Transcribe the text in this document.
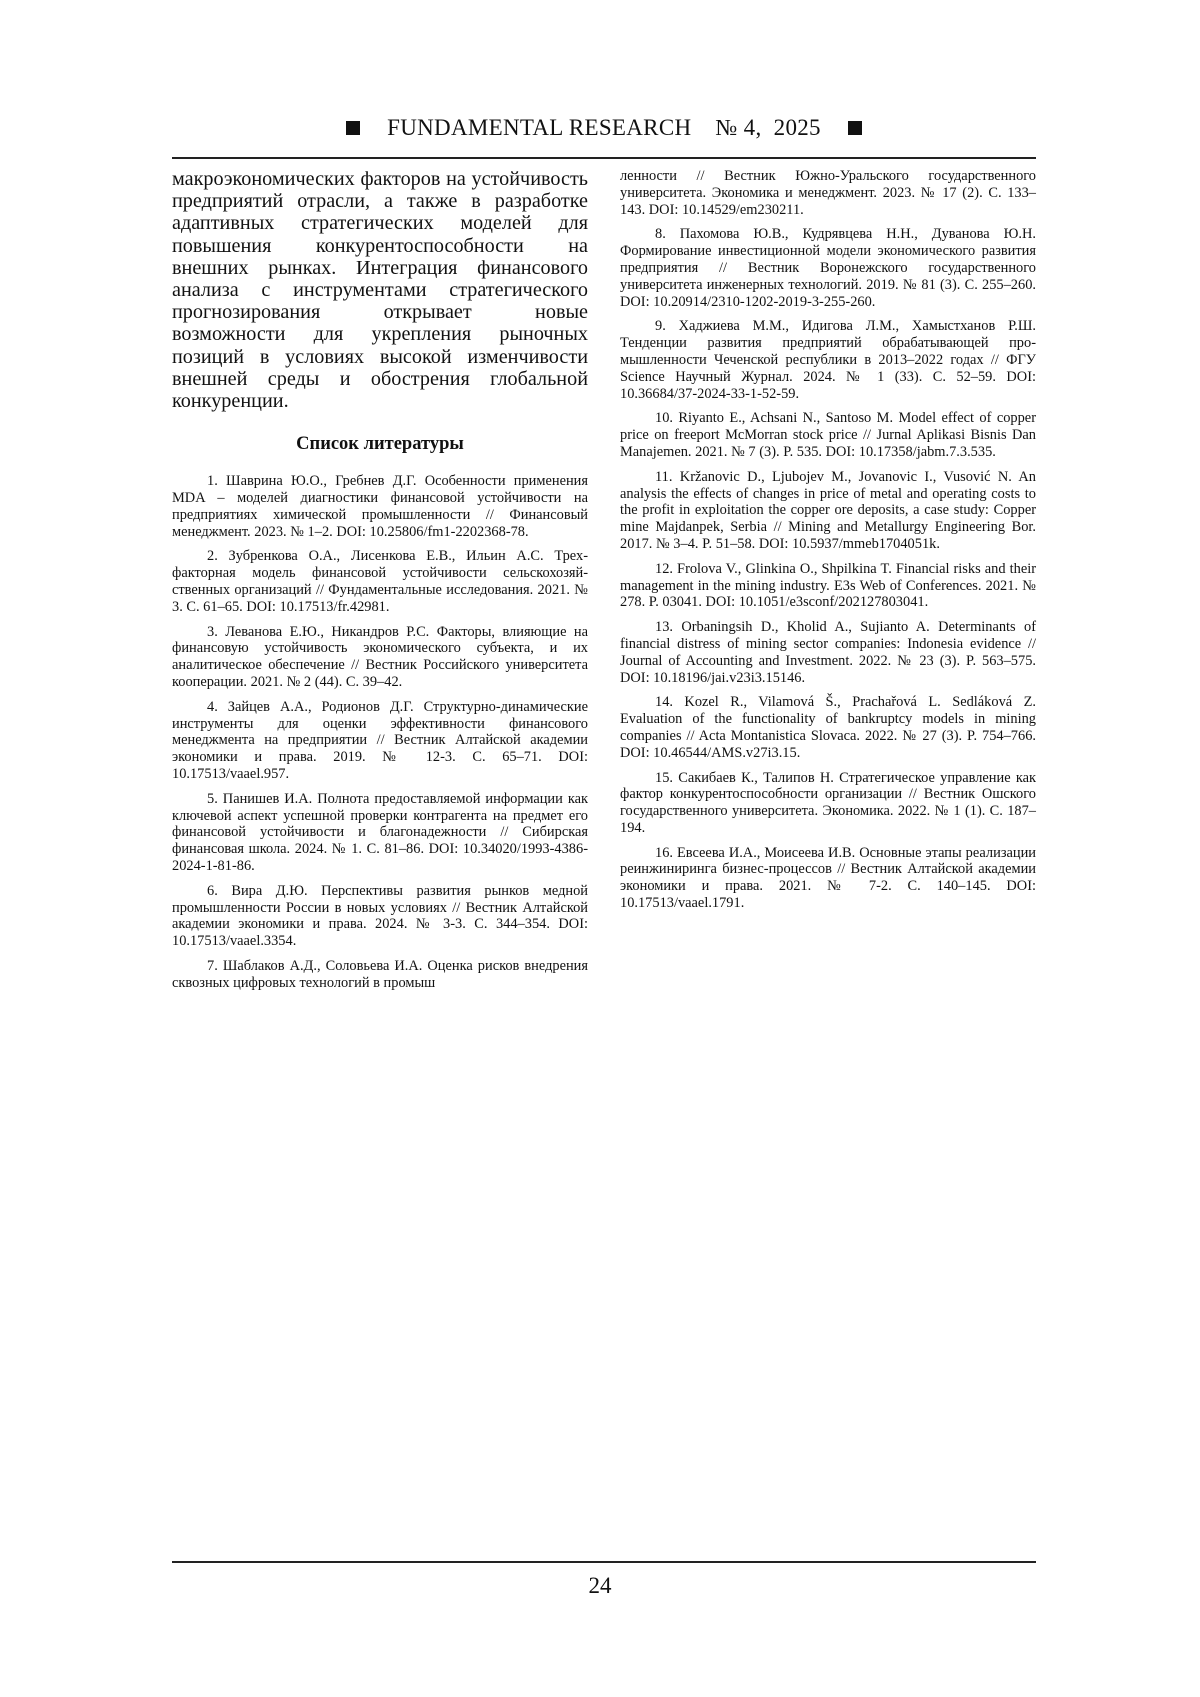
FUNDAMENTAL RESEARCH № 4,
2025

макроэкономических факторов на устойчивость предприятий отрасли, а также в разработке адаптивных стратегических моделей для повышения конкурентоспособности на внешних рынках. Интеграция финансового анализа с инструментами стратегического прогнозирования открывает новые возможности для укрепления рыночных позиций в условиях высокой изменчивости внешней среды и обострения глобальной конкуренции.

Список литературы

1. Шаврина Ю.О., Гребнев Д.Г. Особенности применения MDA – моделей диагностики финансовой устойчивости на предприятиях химической промышленности // Финансовый менеджмент. 2023. № 1–2. DOI: 10.25806/fm1-2202368-78.

2. Зубренкова О.А., Лисенкова Е.В., Ильин А.С. Трехфакторная модель финансовой устойчивости сельскохозяйственных организаций // Фундаментальные исследования. 2021. № 3. С. 61–65. DOI: 10.17513/fr.42981.

3. Леванова Е.Ю., Никандров Р.С. Факторы, влияющие на финансовую устойчивость экономического субъекта, и их аналитическое обеспечение // Вестник Российского университета кооперации. 2021. № 2 (44). С. 39–42.

4. Зайцев А.А., Родионов Д.Г. Структурно-динамические инструменты для оценки эффективности финансового менеджмента на предприятии // Вестник Алтайской академии экономики и права. 2019. № 12-3. С. 65–71. DOI: 10.17513/vaael.957.

5. Панишев И.А. Полнота предоставляемой информации как ключевой аспект успешной проверки контрагента на предмет его финансовой устойчивости и благонадежности // Сибирская финансовая школа. 2024. № 1. С. 81–86. DOI: 10.34020/1993-4386-2024-1-81-86.

6. Вира Д.Ю. Перспективы развития рынков медной промышленности России в новых условиях // Вестник Алтайской академии экономики и права. 2024. № 3-3. С. 344–354. DOI: 10.17513/vaael.3354.

7. Шаблаков А.Д., Соловьева И.А. Оценка рисков внедрения сквозных цифровых технологий в промыш

ленности // Вестник Южно-Уральского государственного университета. Экономика и менеджмент. 2023. № 17 (2). С. 133–143. DOI: 10.14529/em230211.

8. Пахомова Ю.В., Кудрявцева Н.Н., Дуванова Ю.Н. Формирование инвестиционной модели экономического развития предприятия // Вестник Воронежского государственного университета инженерных технологий. 2019. № 81 (3). С. 255–260. DOI: 10.20914/2310-1202-2019-3-255-260.

9. Хаджиева М.М., Идигова Л.М., Хамыстханов Р.Ш. Тенденции развития предприятий обрабатывающей промышленности Чеченской республики в 2013–2022 годах // ФГУ Science Научный Журнал. 2024. № 1 (33). С. 52–59. DOI: 10.36684/37-2024-33-1-52-59.

10. Riyanto E., Achsani N., Santoso M. Model effect of copper price on freeport McMorran stock price // Jurnal Aplikasi Bisnis Dan Manajemen. 2021. № 7 (3). P. 535. DOI: 10.17358/jabm.7.3.535.

11. Kržanovic D., Ljubojev M., Jovanovic I., Vusović N. An analysis the effects of changes in price of metal and operating costs to the profit in exploitation the copper ore deposits, a case study: Copper mine Majdanpek, Serbia // Mining and Metallurgy Engineering Bor. 2017. № 3–4. P. 51–58. DOI: 10.5937/mmeb1704051k.

12. Frolova V., Glinkina O., Shpilkina T. Financial risks and their management in the mining industry. E3s Web of Conferences. 2021. № 278. P. 03041. DOI: 10.1051/e3sconf/202127803041.

13. Orbaningsih D., Kholid A., Sujianto A. Determinants of financial distress of mining sector companies: Indonesia evidence // Journal of Accounting and Investment. 2022. № 23 (3). P. 563–575. DOI: 10.18196/jai.v23i3.15146.

14. Kozel R., Vilamová Š., Prachařová L. Sedláková Z. Evaluation of the functionality of bankruptcy models in mining companies // Acta Montanistica Slovaca. 2022. № 27 (3). P. 754–766. DOI: 10.46544/AMS.v27i3.15.

15. Сакибаев К., Талипов Н. Стратегическое управление как фактор конкурентоспособности организации // Вестник Ошского государственного университета. Экономика. 2022. № 1 (1). С. 187–194.

16. Евсеева И.А., Моисеева И.В. Основные этапы реализации реинжиниринга бизнес-процессов // Вестник Алтайской академии экономики и права. 2021. № 7-2. С. 140–145. DOI: 10.17513/vaael.1791.

24
